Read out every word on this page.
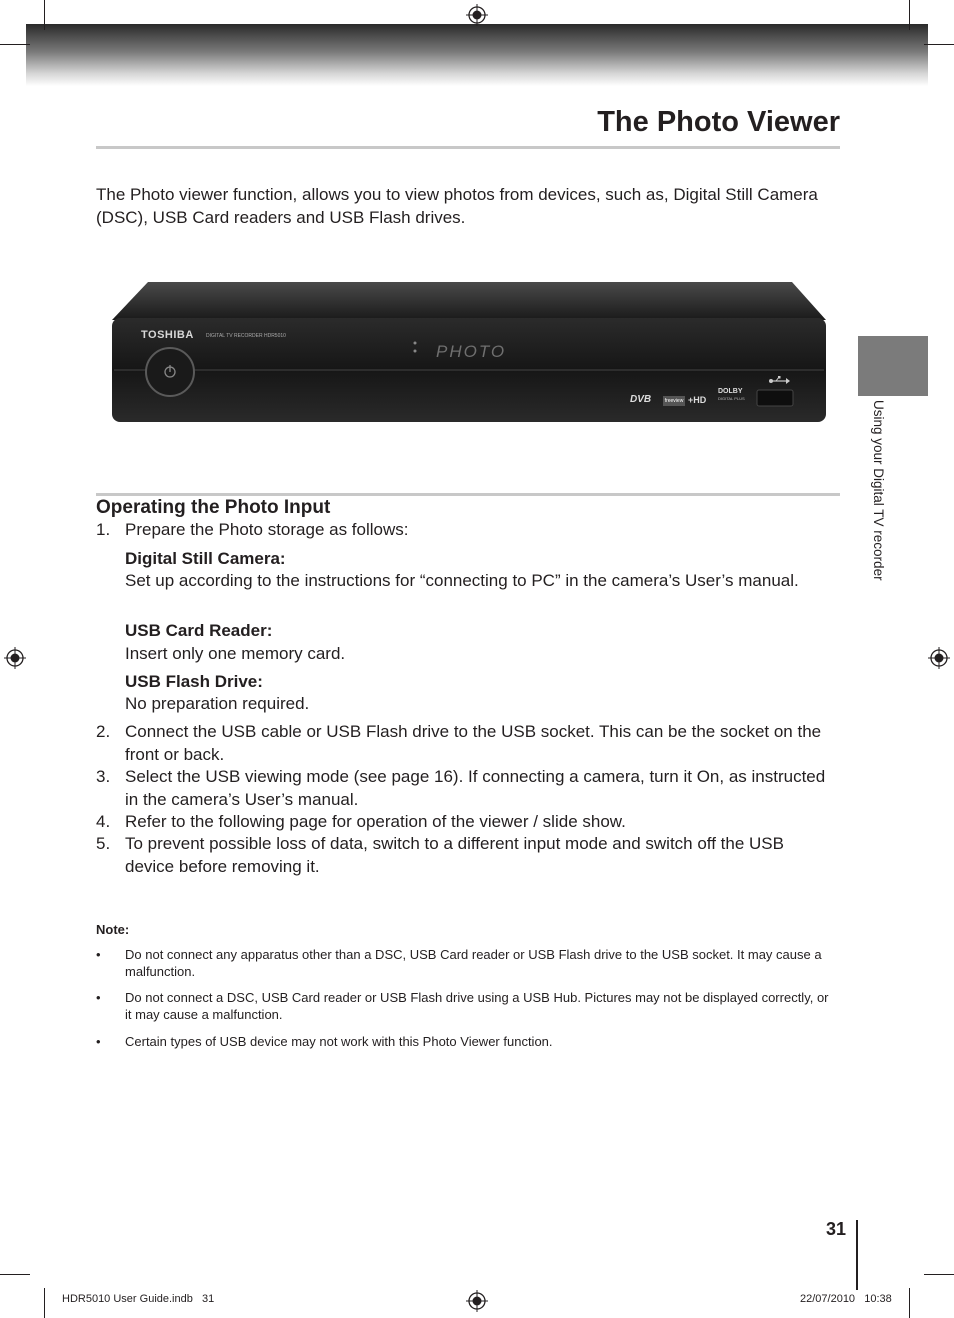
The Photo Viewer
The Photo viewer function, allows you to view photos from devices, such as, Digital Still Camera (DSC), USB Card readers and USB Flash drives.
TOSHIBA DIGITAL TV RECORDER HDR5010
PHOTO
DVB	freeview +HD
DOLBY
DIGITAL PLUS
Using your Digital TV recorder
Operating the Photo Input
1. Prepare the Photo storage as follows:
Digital Still Camera:
Set up according to the instructions for “connecting to PC” in the camera’s User’s manual.
USB Card Reader:
Insert only one memory card.
USB Flash Drive:
No preparation required.
2. Connect the USB cable or USB Flash drive to the USB socket. This can be the socket on the front or back.
3. Select the USB viewing mode (see page 16). If connecting a camera, turn it On, as instructed in the camera’s User’s manual.
4. Refer to the following page for operation of the viewer / slide show.
5. To prevent possible loss of data, switch to a different input mode and switch off the USB device before removing it.
Note:
• Do not connect any apparatus other than a DSC, USB Card reader or USB Flash drive to the USB socket. It may cause a malfunction.
• Do not connect a DSC, USB Card reader or USB Flash drive using a USB Hub. Pictures may not be displayed correctly, or it may cause a malfunction.
• Certain types of USB device may not work with this Photo Viewer function.
31
HDR5010 User Guide.indb   31	22/07/2010   10:38
